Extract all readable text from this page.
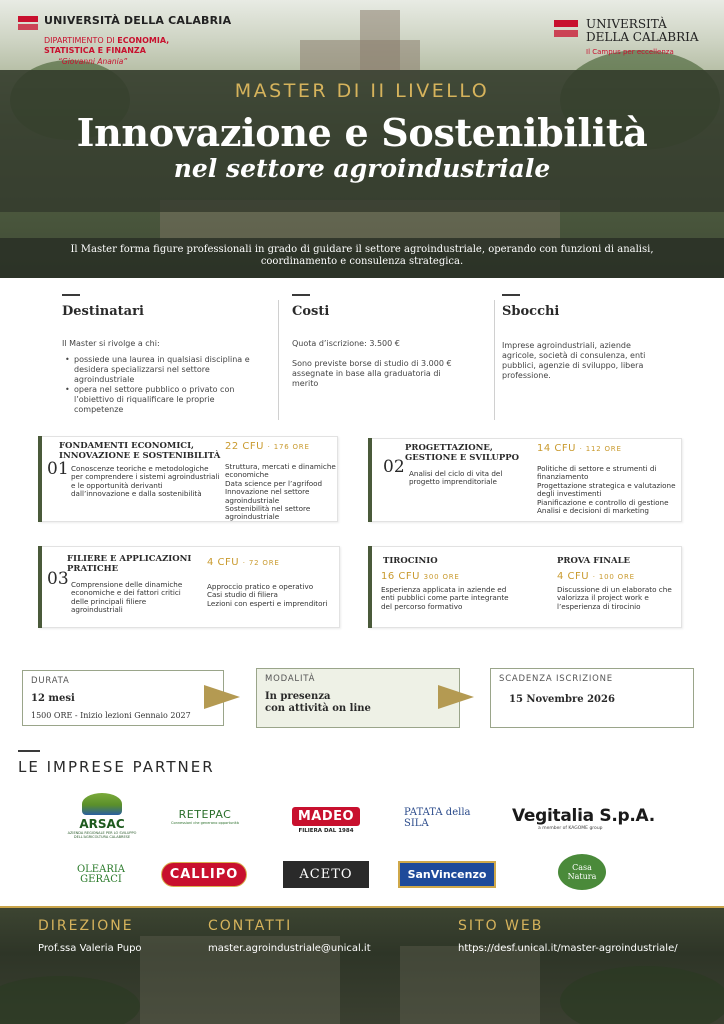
UNIVERSITÀ DELLA CALABRIA
DIPARTIMENTO DI ECONOMIA,
STATISTICA E FINANZA
“Giovanni Anania”
UNIVERSITÀ
DELLA CALABRIA
Il Campus per eccellenza
MASTER DI II LIVELLO
Innovazione e Sostenibilità
nel settore agroindustriale
Il Master forma figure professionali in grado di guidare il settore agroindustriale, operando con funzioni di analisi, coordinamento e consulenza strategica.
Destinatari
Il Master si rivolge a chi:
• possiede una laurea in qualsiasi disciplina e desidera specializzarsi nel settore agroindustriale
• opera nel settore pubblico o privato con l’obiettivo di riqualificare le proprie competenze
Costi
Quota d’iscrizione: 3.500 €
Sono previste borse di studio di 3.000 € assegnate in base alla graduatoria di merito
Sbocchi
Imprese agroindustriali, aziende agricole, società di consulenza, enti pubblici, agenzie di sviluppo, libera professione.
FONDAMENTI ECONOMICI, INNOVAZIONE E SOSTENIBILITÀ
22 CFU · 176 ORE
01 Conoscenze teoriche e metodologiche per comprendere i sistemi agroindustriali e le opportunità derivanti dall’innovazione e dalla sostenibilità
Struttura, mercati e dinamiche economiche
Data science per l’agrifood
Innovazione nel settore agroindustriale
Sostenibilità nel settore agroindustriale
PROGETTAZIONE, GESTIONE E SVILUPPO
14 CFU · 112 ORE
02 Analisi del ciclo di vita del progetto imprenditoriale
Politiche di settore e strumenti di finanziamento
Progettazione strategica e valutazione degli investimenti
Pianificazione e controllo di gestione
Analisi e decisioni di marketing
FILIERE E APPLICAZIONI PRATICHE
4 CFU · 72 ORE
03 Comprensione delle dinamiche economiche e dei fattori critici delle principali filiere agroindustriali
Approccio pratico e operativo
Casi studio di filiera
Lezioni con esperti e imprenditori
TIROCINIO
16 CFU 300 ORE
Esperienza applicata in aziende ed enti pubblici come parte integrante del percorso formativo
PROVA FINALE
4 CFU · 100 ORE
Discussione di un elaborato che valorizza il project work e l’esperienza di tirocinio
DURATA
12 mesi
1500 ORE - Inizio lezioni Gennaio 2027
MODALITÀ
In presenza
con attività on line
SCADENZA ISCRIZIONE
15 Novembre 2026
LE IMPRESE PARTNER
ARSAC
AZIENDA REGIONALE PER LO SVILUPPO DELL'AGRICOLTURA CALABRESE
RETEPAC
Connessioni che generano opportunità	MADEO
FILIERA DAL 1984
PATATA della SILA	Vegitalia S.p.A.
a member of KAGOME group
OLEARIA
GERACI	CALLIPO	ACETO	SanVincenzo	Casa
Natura
DIREZIONE
Prof.ssa Valeria Pupo
CONTATTI
master.agroindustriale@unical.it
SITO WEB
https://desf.unical.it/master-agroindustriale/
